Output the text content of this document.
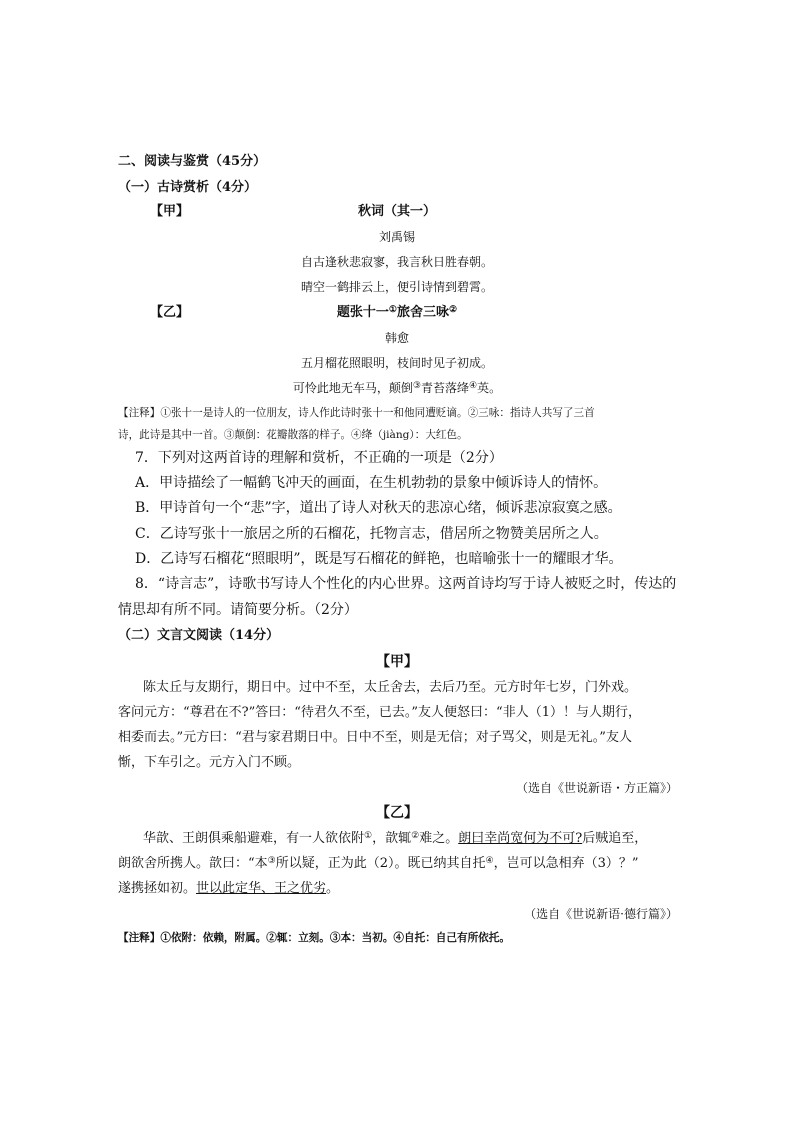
二、阅读与鉴赏（45分）
（一）古诗赏析（4分）
【甲】	秋词（其一）
刘禹锡
自古逢秋悲寂寥，我言秋日胜春朝。
晴空一鹤排云上，便引诗情到碧霄。
【乙】	题张十一①旅舍三咏②
韩愈
五月榴花照眼明，枝间时见子初成。
可怜此地无车马，颠倒③青苔落绛④英。
【注释】①张十一是诗人的一位朋友，诗人作此诗时张十一和他同遭贬谪。②三咏：指诗人共写了三首
诗，此诗是其中一首。③颠倒：花瓣散落的样子。④绛（jiàng）：大红色。
7．下列对这两首诗的理解和赏析，不正确的一项是（2分）
A．甲诗描绘了一幅鹤飞冲天的画面，在生机勃勃的景象中倾诉诗人的情怀。
B．甲诗首句一个“悲”字，道出了诗人对秋天的悲凉心绪，倾诉悲凉寂寞之感。
C．乙诗写张十一旅居之所的石榴花，托物言志，借居所之物赞美居所之人。
D．乙诗写石榴花“照眼明”，既是写石榴花的鲜艳，也暗喻张十一的耀眼才华。
8．“诗言志”，诗歌书写诗人个性化的内心世界。这两首诗均写于诗人被贬之时，传达的
情思却有所不同。请简要分析。（2分）
（二）文言文阅读（14分）
【甲】
陈太丘与友期行，期日中。过中不至，太丘舍去，去后乃至。元方时年七岁，门外戏。
客问元方：“尊君在不?”答曰：“待君久不至，已去。”友人便怒曰：“非人（1）！与人期行，
相委而去。”元方曰：“君与家君期日中。日中不至，则是无信；对子骂父，则是无礼。”友人
惭，下车引之。元方入门不顾。
（选自《世说新语・方正篇》）
【乙】
华歆、王朗俱乘船避难，有一人欲依附①，歆辄②难之。朗曰幸尚宽何为不可?后贼追至，
朗欲舍所携人。歆曰：“本③所以疑，正为此（2）。既已纳其自托④，岂可以急相弃（3）？”
遂携拯如初。世以此定华、王之优劣。
（选自《世说新语·德行篇》）
【注释】①依附：依赖，附属。②辄：立刻。③本：当初。④自托：自己有所依托。
